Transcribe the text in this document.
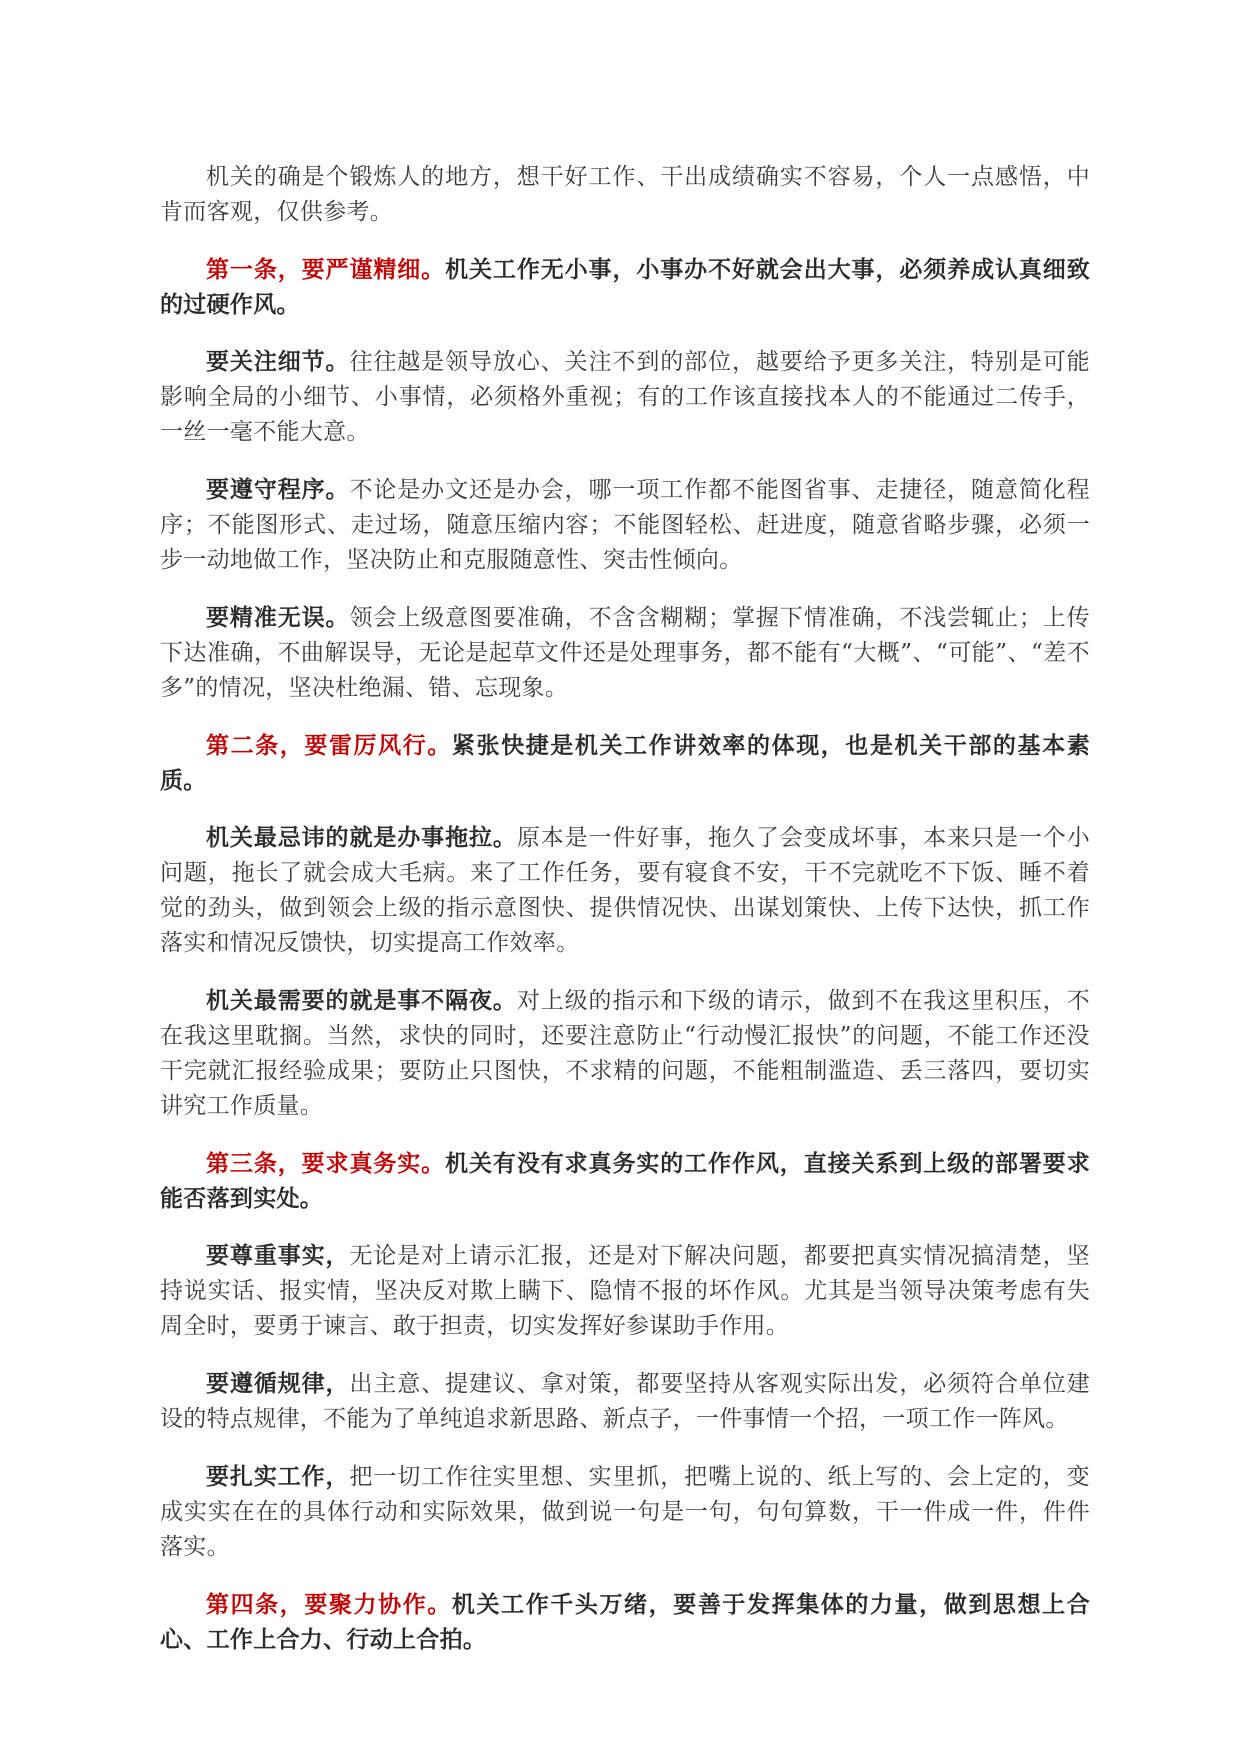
机关的确是个锻炼人的地方，想干好工作、干出成绩确实不容易，个人一点感悟，中肯而客观，仅供参考。

第一条，要严谨精细。机关工作无小事，小事办不好就会出大事，必须养成认真细致的过硬作风。

要关注细节。往往越是领导放心、关注不到的部位，越要给予更多关注，特别是可能影响全局的小细节、小事情，必须格外重视；有的工作该直接找本人的不能通过二传手，一丝一毫不能大意。

要遵守程序。不论是办文还是办会，哪一项工作都不能图省事、走捷径，随意简化程序；不能图形式、走过场，随意压缩内容；不能图轻松、赶进度，随意省略步骤，必须一步一动地做工作，坚决防止和克服随意性、突击性倾向。

要精准无误。领会上级意图要准确，不含含糊糊；掌握下情准确，不浅尝辄止；上传下达准确，不曲解误导，无论是起草文件还是处理事务，都不能有“大概”、“可能”、“差不多”的情况，坚决杜绝漏、错、忘现象。

第二条，要雷厉风行。紧张快捷是机关工作讲效率的体现，也是机关干部的基本素质。

机关最忌讳的就是办事拖拉。原本是一件好事，拖久了会变成坏事，本来只是一个小问题，拖长了就会成大毛病。来了工作任务，要有寝食不安，干不完就吃不下饭、睡不着觉的劲头，做到领会上级的指示意图快、提供情况快、出谋划策快、上传下达快，抓工作落实和情况反馈快，切实提高工作效率。

机关最需要的就是事不隔夜。对上级的指示和下级的请示，做到不在我这里积压，不在我这里耽搁。当然，求快的同时，还要注意防止“行动慢汇报快”的问题，不能工作还没干完就汇报经验成果；要防止只图快，不求精的问题，不能粗制滥造、丢三落四，要切实讲究工作质量。

第三条，要求真务实。机关有没有求真务实的工作作风，直接关系到上级的部署要求能否落到实处。

要尊重事实，无论是对上请示汇报，还是对下解决问题，都要把真实情况搞清楚，坚持说实话、报实情，坚决反对欺上瞒下、隐情不报的坏作风。尤其是当领导决策考虑有失周全时，要勇于谏言、敢于担责，切实发挥好参谋助手作用。

要遵循规律，出主意、提建议、拿对策，都要坚持从客观实际出发，必须符合单位建设的特点规律，不能为了单纯追求新思路、新点子，一件事情一个招，一项工作一阵风。

要扎实工作，把一切工作往实里想、实里抓，把嘴上说的、纸上写的、会上定的，变成实实在在的具体行动和实际效果，做到说一句是一句，句句算数，干一件成一件，件件落实。

第四条，要聚力协作。机关工作千头万绪，要善于发挥集体的力量，做到思想上合心、工作上合力、行动上合拍。
